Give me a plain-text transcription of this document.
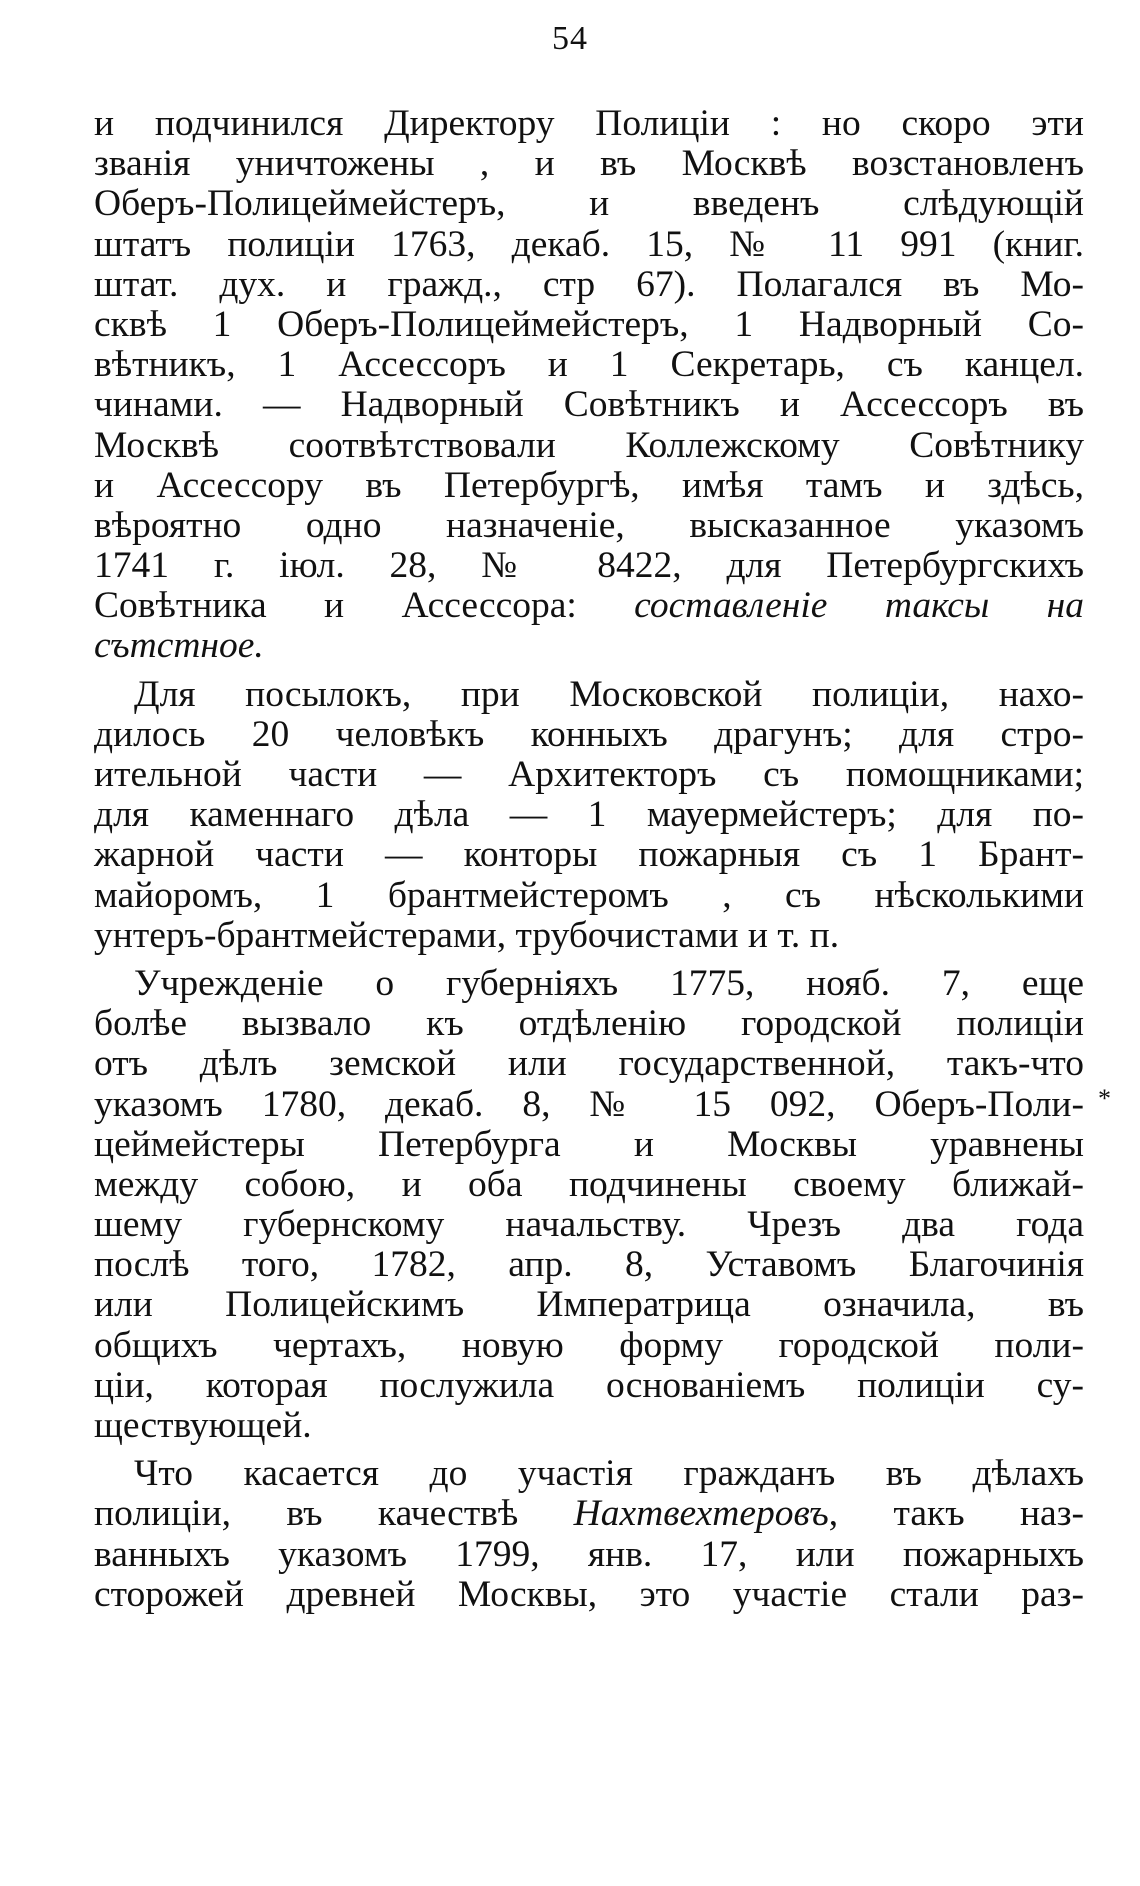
54
и подчинился Директору Полиціи : но скоро эти
званія уничтожены , и въ Москвѣ возстановленъ
Оберъ-Полицеймейстеръ, и введенъ слѣдующій
штатъ полиціи 1763, декаб. 15, № 11 991 (книг.
штат. дух. и гражд., стр 67). Полагался въ Мо-
сквѣ 1 Оберъ-Полицеймейстеръ, 1 Надворный Со-
вѣтникъ, 1 Ассессоръ и 1 Секретарь, съ канцел.
чинами. — Надворный Совѣтникъ и Ассессоръ въ
Москвѣ соотвѣтствовали Коллежскому Совѣтнику
и Ассессору въ Петербургѣ, имѣя тамъ и здѣсь,
вѣроятно одно назначеніе, высказанное указомъ
1741 г. іюл. 28, № 8422, для Петербургскихъ
Совѣтника и Ассессора: составленіе таксы на
сътстное.
Для посылокъ, при Московской полиціи, нахо-
дилось 20 человѣкъ конныхъ драгунъ; для стро-
ительной части — Архитекторъ съ помощниками;
для каменнаго дѣла — 1 мауермейстеръ; для по-
жарной части — конторы пожарныя съ 1 Брант-
майоромъ, 1 брантмейстеромъ , съ нѣсколькими
унтеръ-брантмейстерами, трубочистами и т. п.
Учрежденіе о губерніяхъ 1775, нояб. 7, еще
болѣе вызвало къ отдѣленію городской полиціи
отъ дѣлъ земской или государственной, такъ-что
указомъ 1780, декаб. 8, № 15 092, Оберъ-Поли-
цеймейстеры Петербурга и Москвы уравнены
между собою, и оба подчинены своему ближай-
шему губернскому начальству. Чрезъ два года
послѣ того, 1782, апр. 8, Уставомъ Благочинія
или Полицейскимъ Императрица означила, въ
общихъ чертахъ, новую форму городской поли-
ціи, которая послужила основаніемъ полиціи су-
ществующей.
Что касается до участія гражданъ въ дѣлахъ
полиціи, въ качествѣ Нахтвехтеровъ, такъ наз-
ванныхъ указомъ 1799, янв. 17, или пожарныхъ
сторожей древней Москвы, это участіе стали раз-
*
